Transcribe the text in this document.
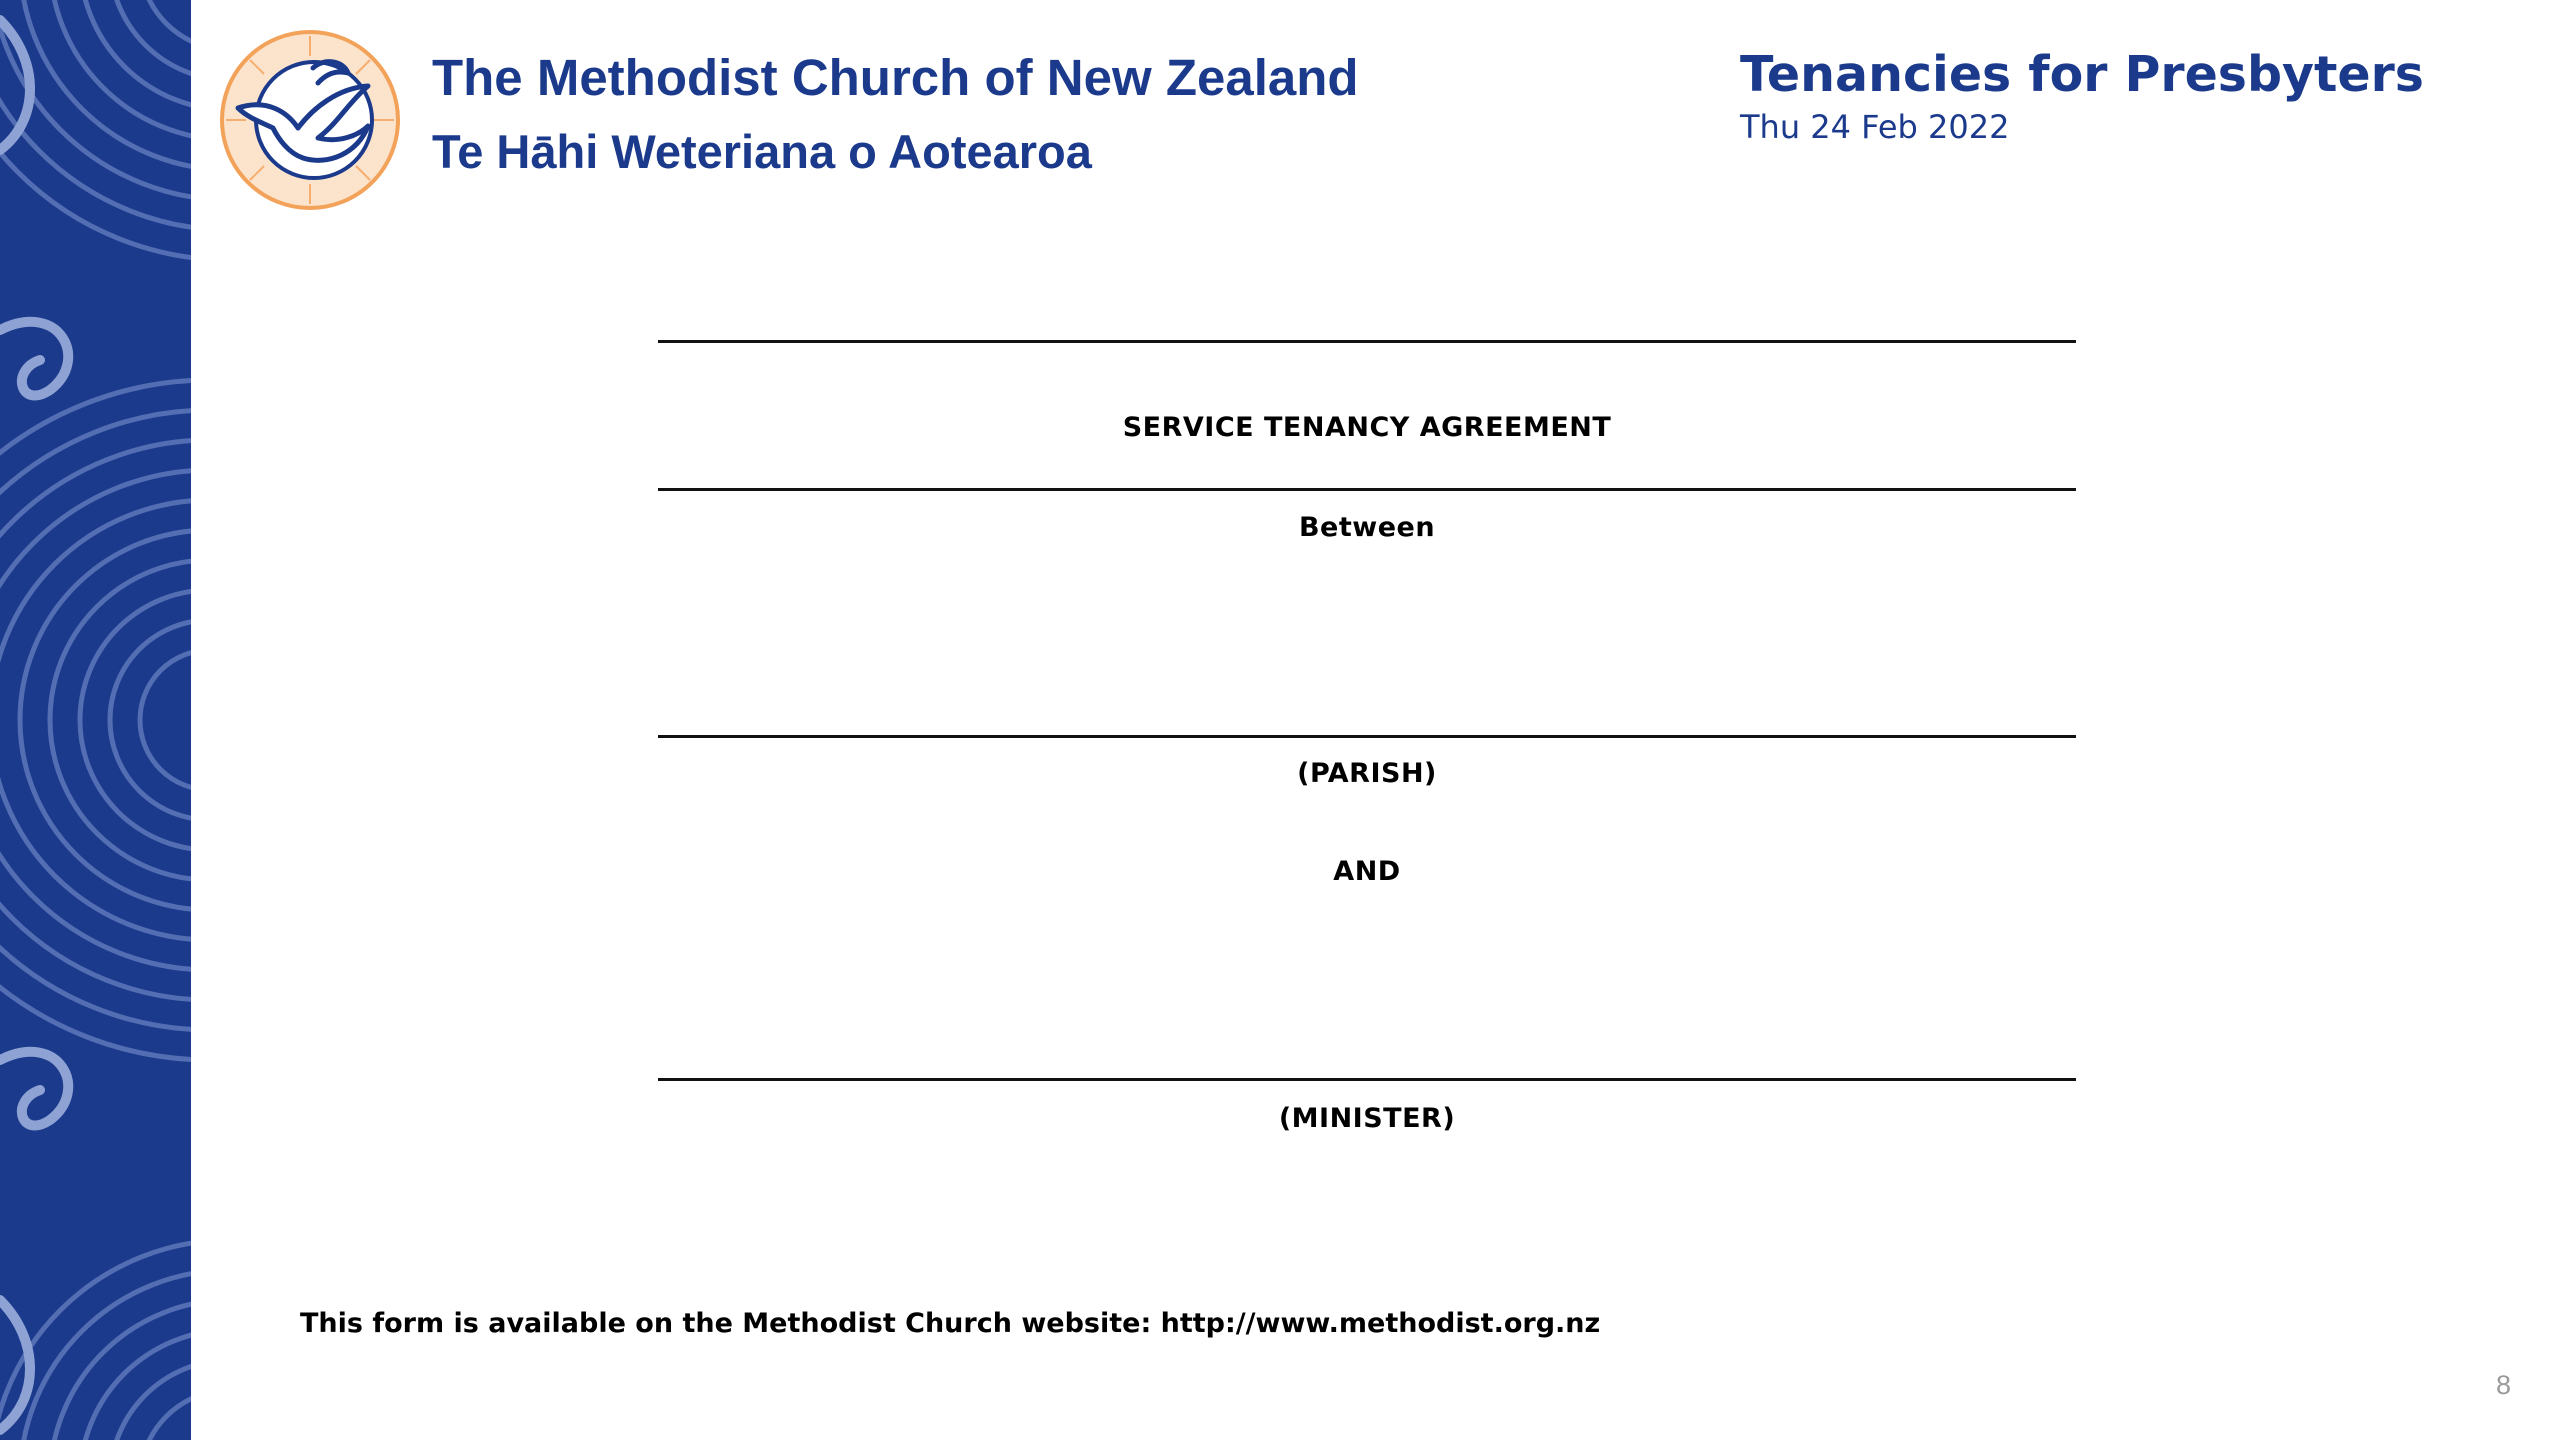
The Methodist Church of New Zealand
Te Hāhi Weteriana o Aotearoa
Tenancies for Presbyters

Thu 24 Feb 2022

SERVICE TENANCY AGREEMENT

Between

(PARISH)

AND

(MINISTER)

This form is available on the Methodist Church website: http://www.methodist.org.nz

8
